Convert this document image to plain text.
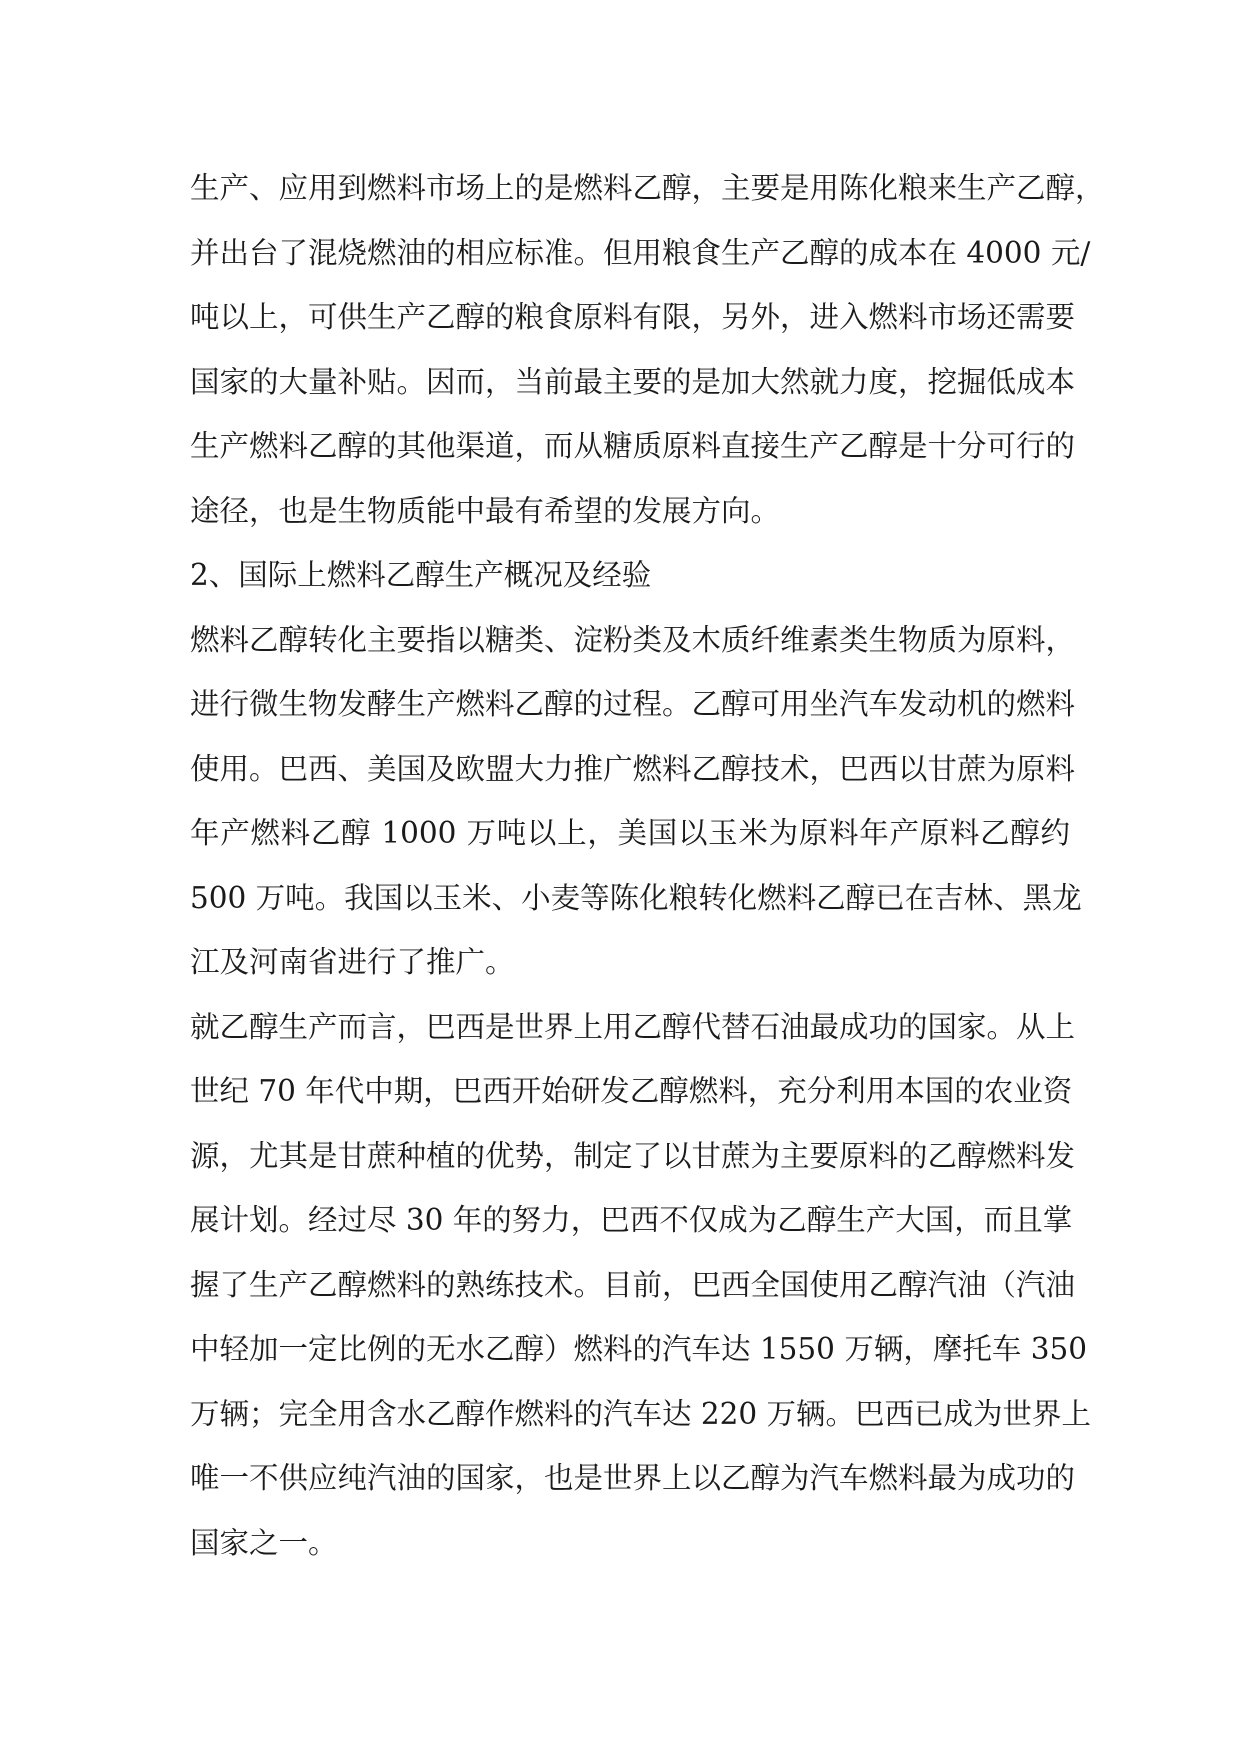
生产、应用到燃料市场上的是燃料乙醇，主要是用陈化粮来生产乙醇，
并出台了混烧燃油的相应标准。但用粮食生产乙醇的成本在 4000 元/
吨以上，可供生产乙醇的粮食原料有限，另外，进入燃料市场还需要
国家的大量补贴。因而，当前最主要的是加大然就力度，挖掘低成本
生产燃料乙醇的其他渠道，而从糖质原料直接生产乙醇是十分可行的
途径，也是生物质能中最有希望的发展方向。
2、国际上燃料乙醇生产概况及经验
燃料乙醇转化主要指以糖类、淀粉类及木质纤维素类生物质为原料，
进行微生物发酵生产燃料乙醇的过程。乙醇可用坐汽车发动机的燃料
使用。巴西、美国及欧盟大力推广燃料乙醇技术，巴西以甘蔗为原料
年产燃料乙醇 1000 万吨以上，美国以玉米为原料年产原料乙醇约
500 万吨。我国以玉米、小麦等陈化粮转化燃料乙醇已在吉林、黑龙
江及河南省进行了推广。
就乙醇生产而言，巴西是世界上用乙醇代替石油最成功的国家。从上
世纪 70 年代中期，巴西开始研发乙醇燃料，充分利用本国的农业资
源，尤其是甘蔗种植的优势，制定了以甘蔗为主要原料的乙醇燃料发
展计划。经过尽 30 年的努力，巴西不仅成为乙醇生产大国，而且掌
握了生产乙醇燃料的熟练技术。目前，巴西全国使用乙醇汽油（汽油
中轻加一定比例的无水乙醇）燃料的汽车达 1550 万辆，摩托车 350
万辆；完全用含水乙醇作燃料的汽车达 220 万辆。巴西已成为世界上
唯一不供应纯汽油的国家，也是世界上以乙醇为汽车燃料最为成功的
国家之一。
